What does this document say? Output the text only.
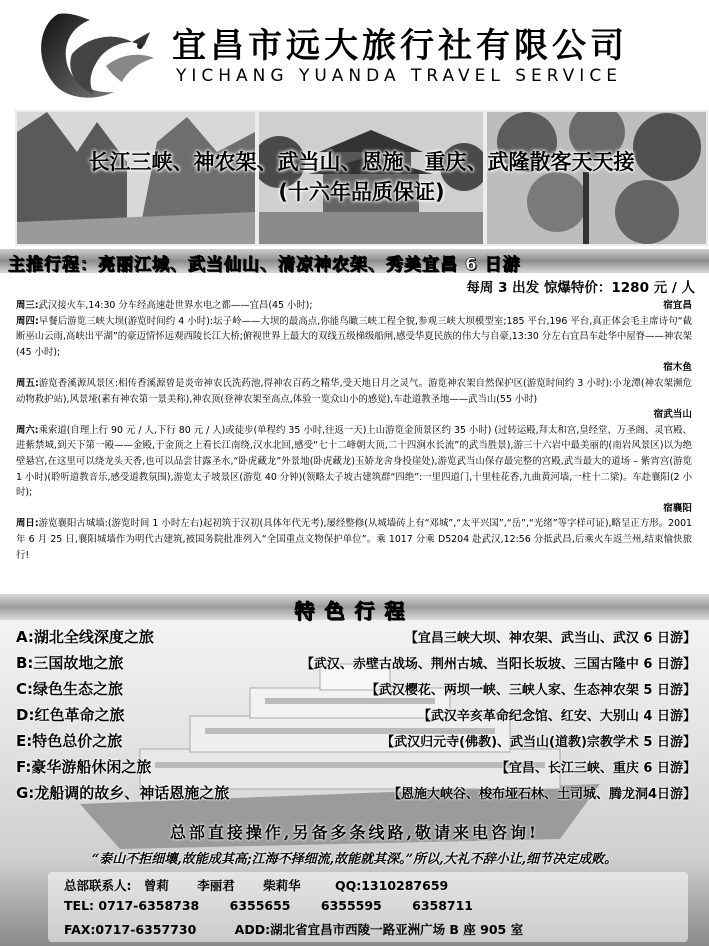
宜昌市远大旅行社有限公司
YICHANG YUANDA TRAVEL SERVICE
长江三峡、神农架、武当山、恩施、重庆、武隆散客天天接
(十六年品质保证)
主推行程：亮丽江城、武当仙山、清凉神农架、秀美宜昌 6 日游
每周 3 出发 惊爆特价：1280 元 / 人
周三:武汉接火车,14:30 分车经高速赴世界水电之都——宜昌(45 小时);	宿宜昌
周四:早餐后游览三峡大坝(游览时间约 4 小时):坛子岭——大坝的最高点,你能鸟瞰三峡工程全貌,参观三峡大坝模型室;185 平台,196 平台,真正体会毛主席诗句“截断巫山云雨,高峡出平湖”的豪迈情怀远观西陵长江大桥;俯视世界上最大的双线五级梯级船闸,感受华夏民族的伟大与自豪,13:30 分左右宜昌车赴华中屋脊——神农架(45 小时);
宿木鱼
周五:游览香溪源风景区:相传香溪源曾是炎帝神农氏洗药池,得神农百药之精华,受天地日月之灵气。游览神农架自然保护区(游览时间约 3 小时):小龙潭(神农架濒危动物救护站),风景垭(素有神农第一景美称),神农顶(登神农架至高点,体验一览众山小的感觉),车赴道教圣地——武当山(55 小时)
宿武当山
周六:乘索道(自理上行 90 元 / 人,下行 80 元 / 人)或徒步(单程约 35 小时,往返一天)上山游览金顶景区约 35 小时) (过转运殿,拜太和宫,皇经堂、万圣阁、灵官殿、进紫禁城,到天下第一殿——金殿,于金顶之上看长江南绕,汉水北回,感受“七十二峰朝大顶,二十四涧水长流”的武当胜景),游三十六岩中最美丽的(南岩风景区)以为绝壁悬宫,在这里可以绕龙头天香,也可以品尝甘露圣水,“卧虎藏龙”外景地(卧虎藏龙)玉娇龙舍身投崖处),游览武当山保存最完整的宫殿,武当最大的道场 – 紫宵宫(游览 1 小时)(聆听道教音乐,感受道教氛围),游览太子坡景区(游览 40 分钟)(领略太子坡古建筑群“四绝”:一里四道门,十里桂花香,九曲黄河墙,一柱十二梁)。车赴襄阳(2 小时);
宿襄阳
周日:游览襄阳古城墙:(游览时间 1 小时左右)起初筑于汉初(具体年代无考),屡经整修(从城墙砖上有“邓城”,“太平兴国”,“岳”,“光绪”等字样可证),略呈正方形。2001 年 6 月 25 日,襄阳城墙作为明代古建筑,被国务院批准列入“全国重点文物保护单位”。乘 1017 分乘 D5204 赴武汉,12:56 分抵武昌,后乘火车返兰州,结束愉快旅行!
特色行程
A:湖北全线深度之旅	【宜昌三峡大坝、神农架、武当山、武汉 6 日游】
B:三国故地之旅	【武汉、赤壁古战场、荆州古城、当阳长坂坡、三国古隆中 6 日游】
C:绿色生态之旅	【武汉樱花、两坝一峡、三峡人家、生态神农架 5 日游】
D:红色革命之旅	【武汉辛亥革命纪念馆、红安、大别山 4 日游】
E:特色总价之旅	【武汉归元寺(佛教)、武当山(道教)宗教学术 5 日游】
F:豪华游船休闲之旅	【宜昌、长江三峡、重庆 6 日游】
G:龙船调的故乡、神话恩施之旅	【恩施大峡谷、梭布垭石林、土司城、腾龙洞4日游】
总部直接操作,另备多条线路,敬请来电咨询!
“泰山不拒细壤,故能成其高;江海不择细流,故能就其深。”所以,大礼不辞小让,细节决定成败。
总部联系人: 曾莉 李丽君 柴莉华	QQ:1310287659
TEL: 0717-6358738 6355655 6355595 6358711
FAX:0717-6357730	ADD:湖北省宜昌市西陵一路亚洲广场 B 座 905 室
